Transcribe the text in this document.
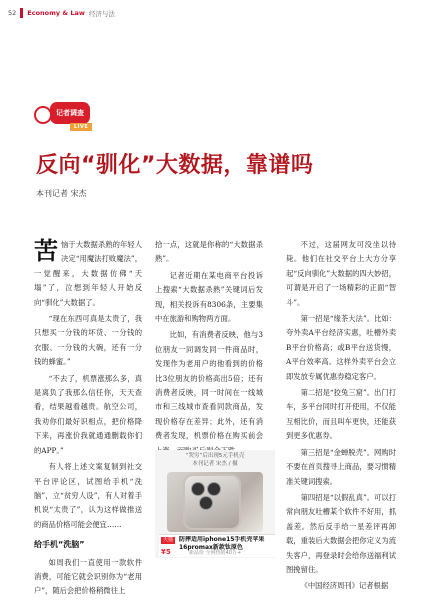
52 Economy & Law 经济与法
记者调查
LIVE
反向“驯化”大数据，靠谱吗
本刊记者 宋杰

苦恼于大数据杀熟的年轻人决定“用魔法打败魔法”，一觉醒来，大数据仿佛“天塌”了，泣想到年轻人开始反向“驯化”大数据了。

“现在东西可真是太贵了，我只想买一分钱的坏货、一分钱的衣服、一分钱的大碗，还有一分钱的蜂蜜。”

“不去了，机票涨那么多，真是离负了我那么信任你，天天查看，结果越看越贵。航空公司，我劝你们最好识相点，把价格降下来，再涨价我就通通删载你们的APP。”

有人将上述文案复制到社交平台评论区，试图给手机“洗脑”，立“贫穷人设”，有人对着手机说“太贵了”，认为这样做推送的商品价格可能会便宜……

给手机“洗脑”

如周我们一直使用一款软件消费，可能它就会识别你为“老用户”，随后会把价格稍微往上

拾一点，这就是你称的“大数据杀熟”。

记者近期在某电商平台投诉上搜索“大数据杀熟”关键词后发现，相关投诉有8306条，主要集中在旅游和购物两方面。

比如，有消费者反映，他与3位朋友一同调发同一件商品时，发现作为老用户的他看到的价格比3位朋友的价格高出5倍；还有消费者反映，同一时间在一线城市和三线城市查看同款商品，发现价格存在差异；此外，还有消费者发现，机票价格在购买前会

不过，这届网友可没坐以待毙。他们在社交平台上大方分享起“反向驯化”大数据的四大妙招，可谓是开启了一场精彩的正面“智斗”。

第一招是“缘茶大法”。比如：夸外卖A平台经济实惠，吐槽外卖B平台价格高；或B平台送货慢，A平台效率高。这样外卖平台会立即发放专属优惠券稳定客户。

第二招是“狡兔三窟”。出门打车，多平台同时打开使用，不仅能互相比价，而且叫车更快，还能获到更多优惠券。

第三招是“金蝉脱壳”。网购时不要在首页搜寻上商品，要习惯精准关键词搜索。

第四招是“以假乱真”。可以打常向朋友吐槽某个软件不好用，抓盖差。然后反手给一星差评再卸载，重装后大数据会把你定义为流失客户，再登录时会给你送福利试图挽留住。

《中国经济周刊》记者根据

“哭穷”后出现5元手机壳
本刊记者 宋杰 / 摄
天猫 防摔适用iphone15手机壳苹果16promax新款钛原色
¥5	新品价 全网热销40万+
